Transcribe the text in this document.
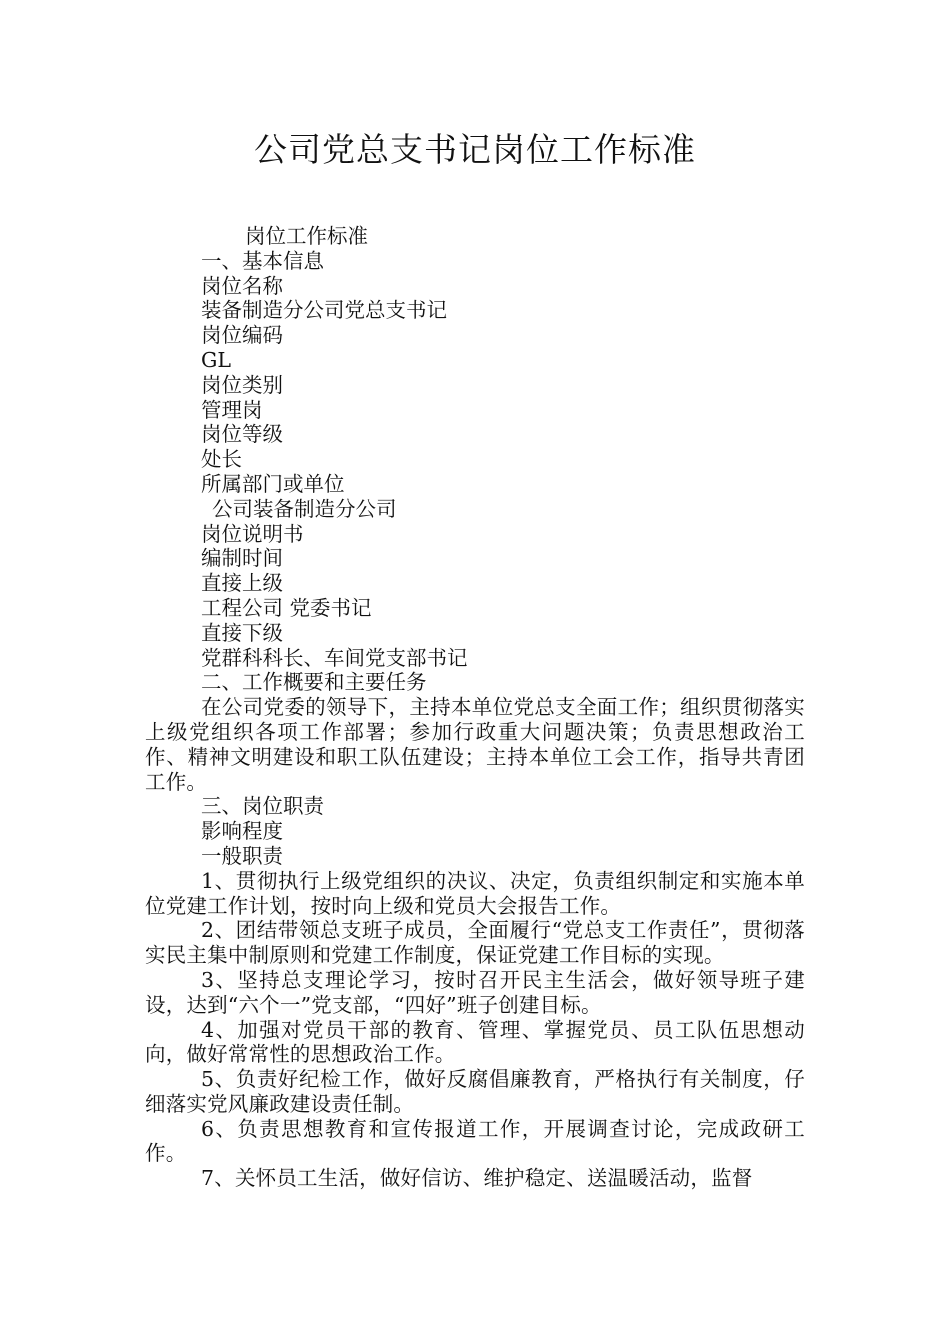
公司党总支书记岗位工作标准
岗位工作标准
一、基本信息
岗位名称
装备制造分公司党总支书记
岗位编码
GL
岗位类别
管理岗
岗位等级
处长
所属部门或单位
公司装备制造分公司
岗位说明书
编制时间
直接上级
工程公司 党委书记
直接下级
党群科科长、车间党支部书记
二、工作概要和主要任务

在公司党委的领导下，主持本单位党总支全面工作；组织贯彻落实上级党组织各项工作部署；参加行政重大问题决策；负责思想政治工作、精神文明建设和职工队伍建设；主持本单位工会工作，指导共青团工作。

三、岗位职责
影响程度
一般职责

1、贯彻执行上级党组织的决议、决定，负责组织制定和实施本单位党建工作计划，按时向上级和党员大会报告工作。

2、团结带领总支班子成员，全面履行“党总支工作责任”，贯彻落实民主集中制原则和党建工作制度，保证党建工作目标的实现。

3、坚持总支理论学习，按时召开民主生活会，做好领导班子建设，达到“六个一”党支部，“四好”班子创建目标。

4、加强对党员干部的教育、管理、掌握党员、员工队伍思想动向，做好常常性的思想政治工作。

5、负责好纪检工作，做好反腐倡廉教育，严格执行有关制度，仔细落实党风廉政建设责任制。

6、负责思想教育和宣传报道工作，开展调查讨论，完成政研工作。

7、关怀员工生活，做好信访、维护稳定、送温暖活动，监督
